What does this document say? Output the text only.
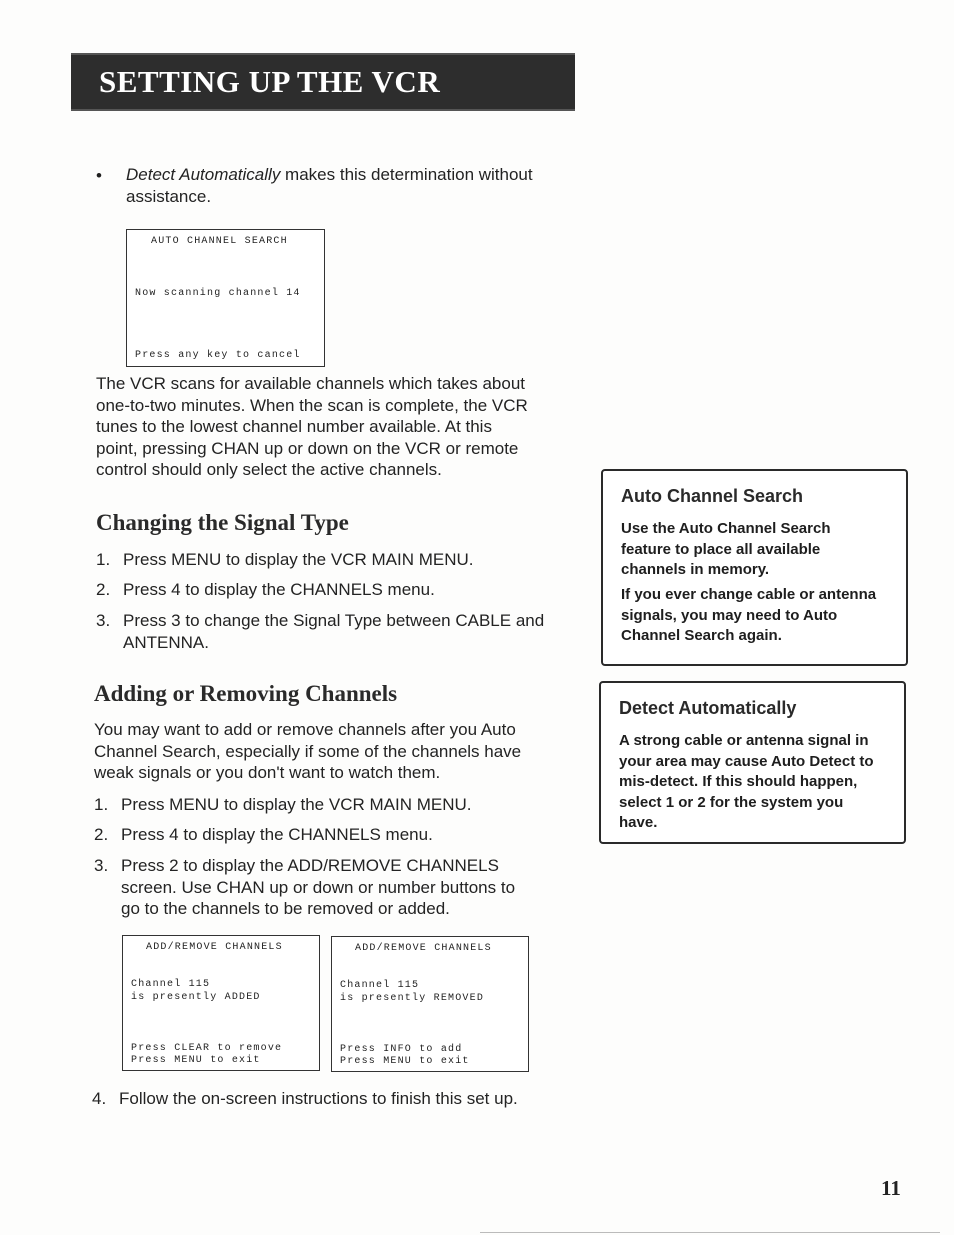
SETTING UP THE VCR
• Detect Automatically makes this determination without
assistance.
AUTO CHANNEL SEARCH
Now scanning channel 14
Press any key to cancel
The VCR scans for available channels which takes about
one-to-two minutes. When the scan is complete, the VCR
tunes to the lowest channel number available. At this
point, pressing CHAN up or down on the VCR or remote
control should only select the active channels.
Changing the Signal Type
1. Press MENU to display the VCR MAIN MENU.
2. Press 4 to display the CHANNELS menu.
3. Press 3 to change the Signal Type between CABLE and
ANTENNA.
Adding or Removing Channels
You may want to add or remove channels after you Auto
Channel Search, especially if some of the channels have
weak signals or you don't want to watch them.
1. Press MENU to display the VCR MAIN MENU.
2. Press 4 to display the CHANNELS menu.
3. Press 2 to display the ADD/REMOVE CHANNELS
screen. Use CHAN up or down or number buttons to
go to the channels to be removed or added.
ADD/REMOVE CHANNELS
Channel 115
is presently ADDED
Press CLEAR to remove
Press MENU to exit
ADD/REMOVE CHANNELS
Channel 115
is presently REMOVED
Press INFO to add
Press MENU to exit
4. Follow the on-screen instructions to finish this set up.
Auto Channel Search
Use the Auto Channel Search
feature to place all available
channels in memory.
If you ever change cable or antenna
signals, you may need to Auto
Channel Search again.
Detect Automatically
A strong cable or antenna signal in
your area may cause Auto Detect to
mis-detect. If this should happen,
select 1 or 2 for the system you
have.
11
